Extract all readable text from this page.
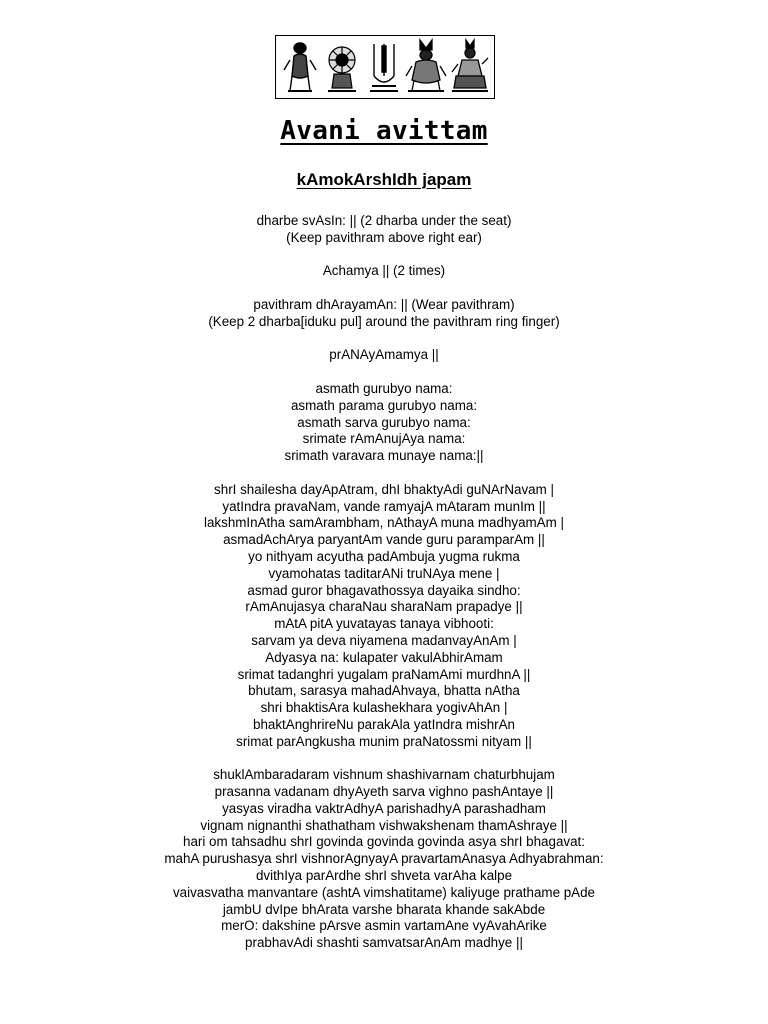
Avani avittam
kAmokArshIdh japam
dharbe svAsIn: || (2 dharba under the seat)
(Keep pavithram above right ear)
Achamya || (2 times)
pavithram dhArayamAn: || (Wear pavithram)
(Keep 2 dharba[iduku pul] around the pavithram ring finger)
prANAyAmamya ||
asmath gurubyo nama:
asmath parama gurubyo nama:
asmath sarva gurubyo nama:
srimate rAmAnujAya nama:
srimath varavara munaye nama:||
shrI shailesha dayApAtram, dhI bhaktyAdi guNArNavam |
yatIndra pravaNam, vande ramyajA mAtaram munIm ||
lakshmInAtha samArambham, nAthayA muna madhyamAm |
asmadAchArya paryantAm vande guru paramparAm ||
yo nithyam acyutha padAmbuja yugma rukma
vyamohatas taditarANi truNAya mene |
asmad guror bhagavathossya dayaika sindho:
rAmAnujasya charaNau sharaNam prapadye ||
mAtA pitA yuvatayas tanaya vibhooti:
sarvam ya deva niyamena madanvayAnAm |
Adyasya na: kulapater vakulAbhirAmam
srimat tadanghri yugalam praNamAmi murdhnA ||
bhutam, sarasya mahadAhvaya, bhatta nAtha
shri bhaktisAra kulashekhara yogivAhAn |
bhaktAnghrireNu parakAla yatIndra mishrAn
srimat parAngkusha munim praNatossmi nityam ||
shuklAmbaradaram vishnum shashivarnam chaturbhujam
prasanna vadanam dhyAyeth sarva vighno pashAntaye ||
yasyas viradha vaktrAdhyA parishadhyA parashadham
vignam nignanthi shathatham vishwakshenam thamAshraye ||
hari om tahsadhu shrI govinda govinda govinda asya shrI bhagavat:
mahA purushasya shrI vishnorAgnyayA pravartamAnasya Adhyabrahman:
dvithIya parArdhe shrI shveta varAha kalpe
vaivasvatha manvantare (ashtA vimshatitame) kaliyuge prathame pAde
jambU dvIpe bhArata varshe bharata khande sakAbde
merO: dakshine pArsve asmin vartamAne vyAvahArike
prabhavAdi shashti samvatsarAnAm madhye ||
